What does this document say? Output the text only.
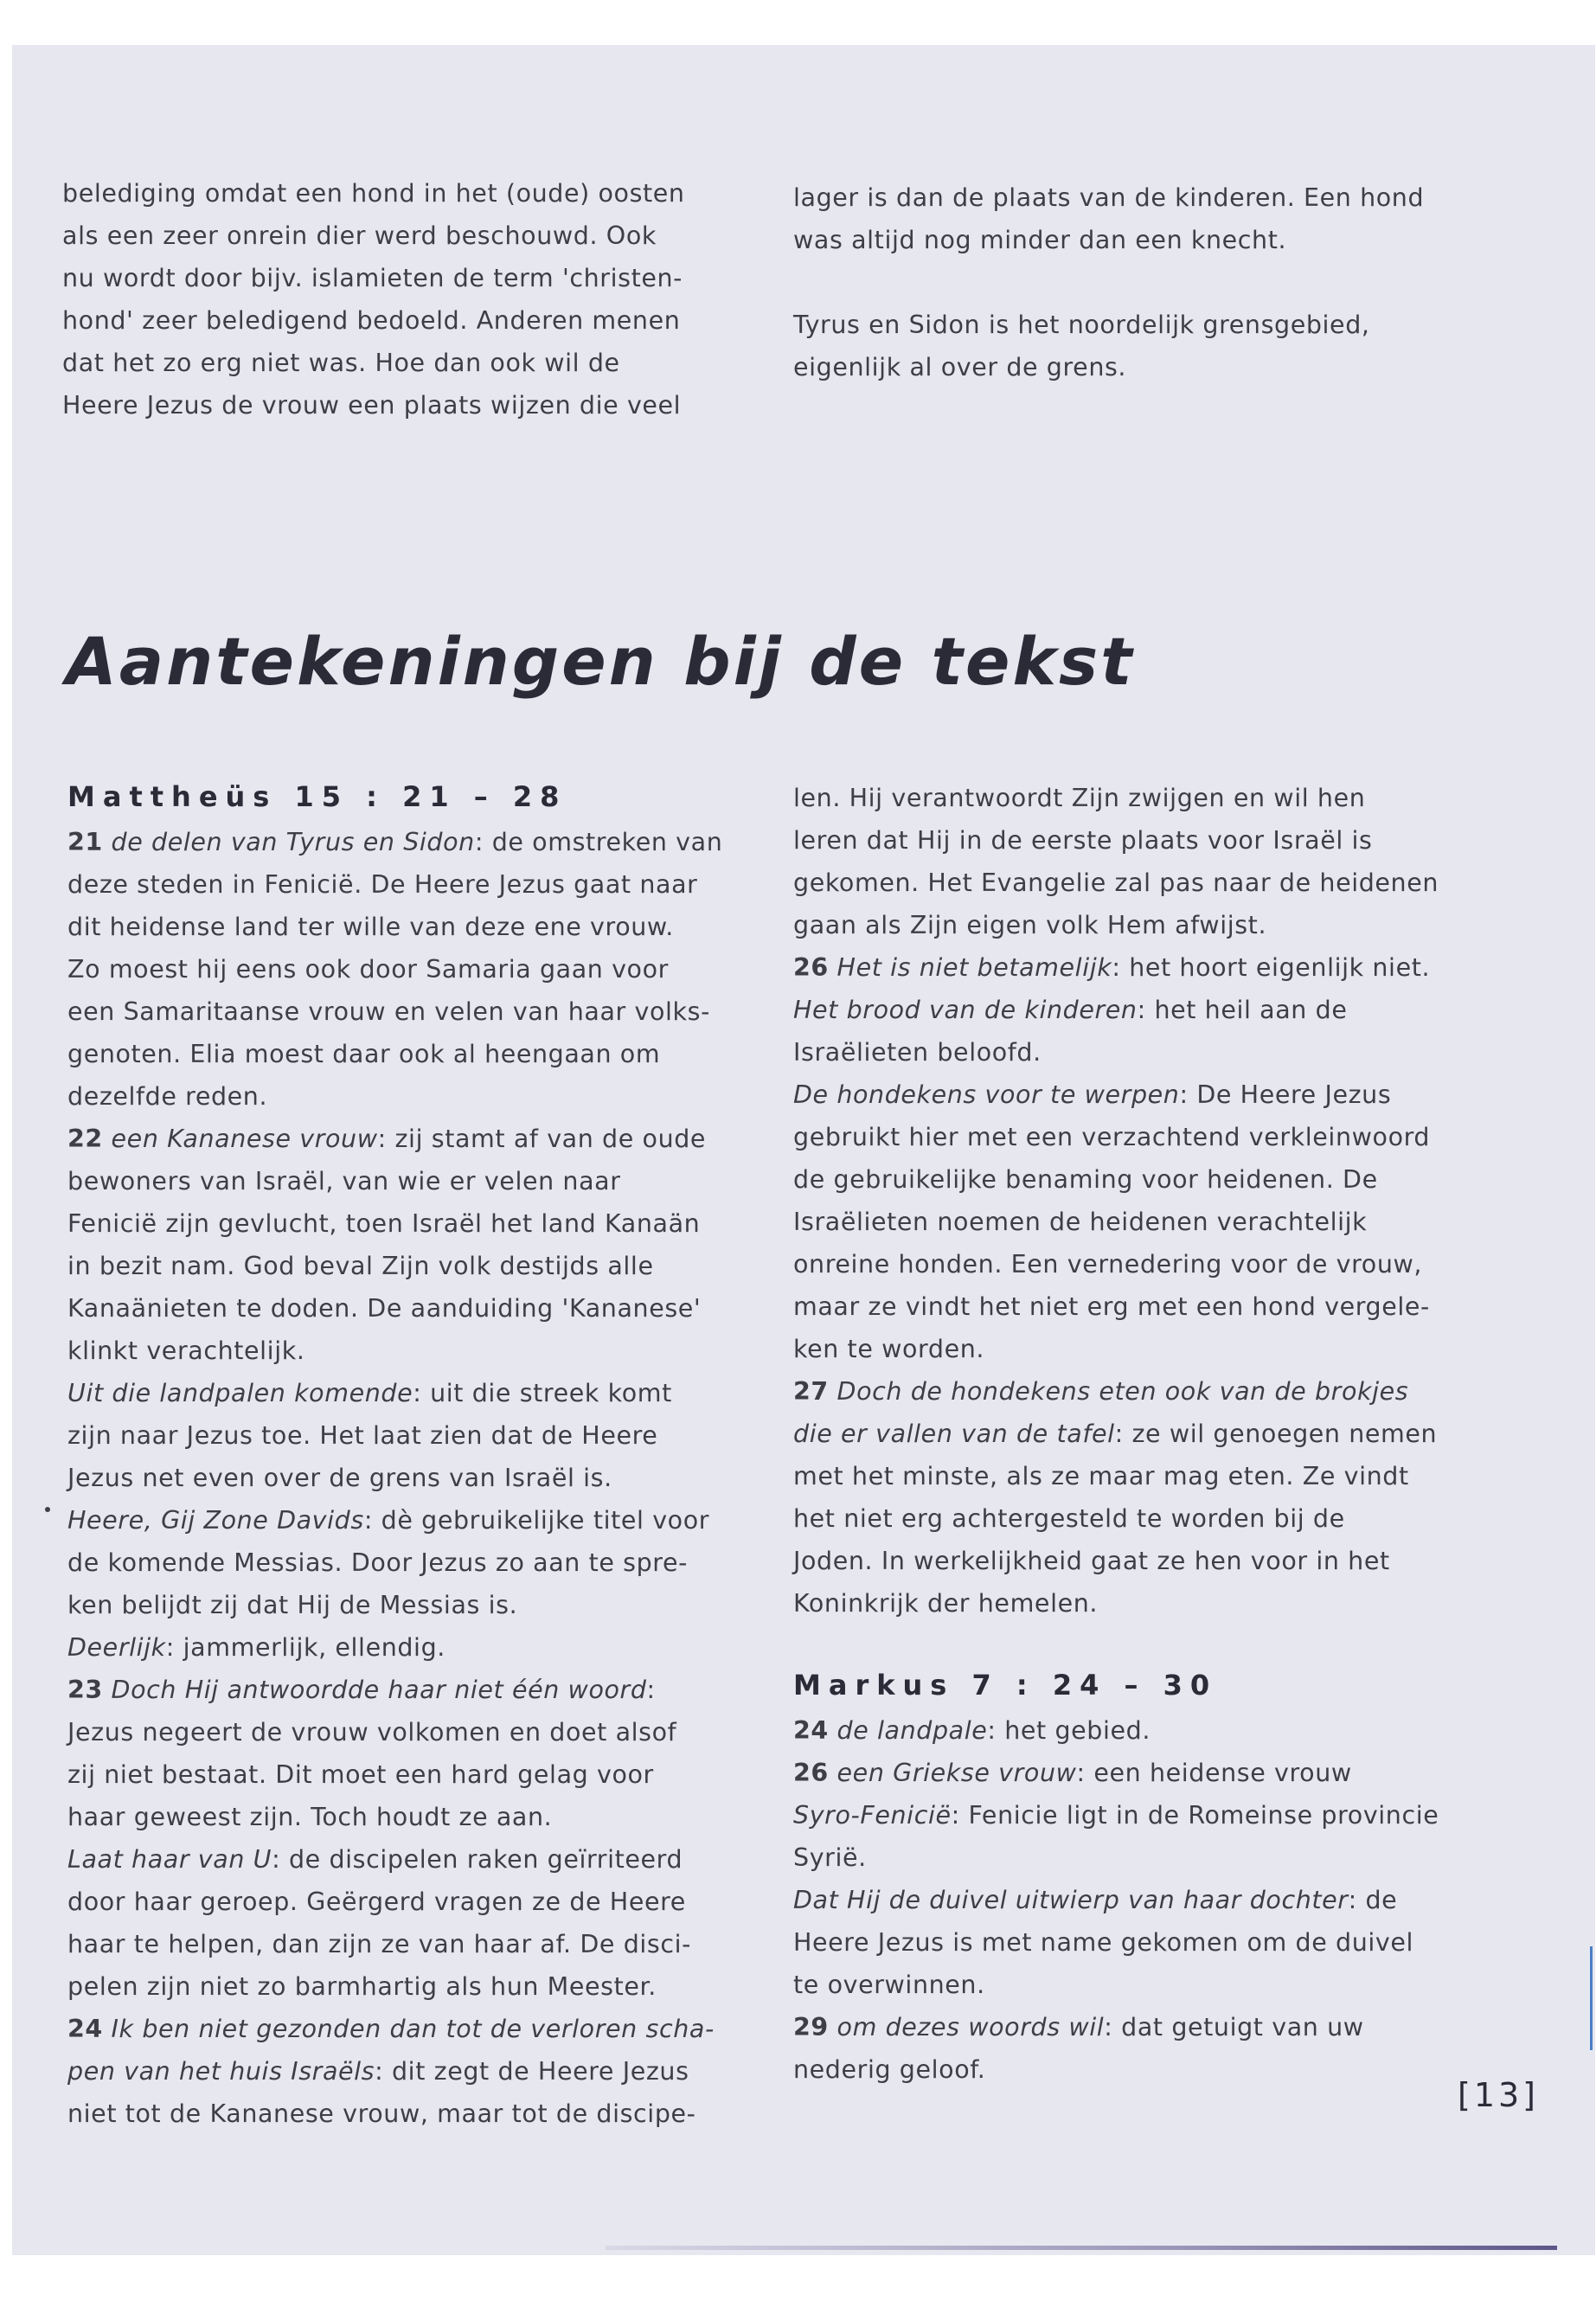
belediging omdat een hond in het (oude) oosten

als een zeer onrein dier werd beschouwd. Ook

nu wordt door bijv. islamieten de term 'christen-

hond' zeer beledigend bedoeld. Anderen menen

dat het zo erg niet was. Hoe dan ook wil de

Heere Jezus de vrouw een plaats wijzen die veel

lager is dan de plaats van de kinderen. Een hond

was altijd nog minder dan een knecht.

Tyrus en Sidon is het noordelijk grensgebied,

eigenlijk al over de grens.

Aantekeningen bij de tekst
Mattheüs 15 : 21 – 28

21 de delen van Tyrus en Sidon: de omstreken van

deze steden in Fenicië. De Heere Jezus gaat naar

dit heidense land ter wille van deze ene vrouw.

Zo moest hij eens ook door Samaria gaan voor

een Samaritaanse vrouw en velen van haar volks-

genoten. Elia moest daar ook al heengaan om

dezelfde reden.

22 een Kananese vrouw: zij stamt af van de oude

bewoners van Israël, van wie er velen naar

Fenicië zijn gevlucht, toen Israël het land Kanaän

in bezit nam. God beval Zijn volk destijds alle

Kanaänieten te doden. De aanduiding 'Kananese'

klinkt verachtelijk.

Uit die landpalen komende: uit die streek komt

zijn naar Jezus toe. Het laat zien dat de Heere

Jezus net even over de grens van Israël is.

Heere, Gij Zone Davids: dè gebruikelijke titel voor

de komende Messias. Door Jezus zo aan te spre-

ken belijdt zij dat Hij de Messias is.

Deerlijk: jammerlijk, ellendig.

23 Doch Hij antwoordde haar niet één woord:

Jezus negeert de vrouw volkomen en doet alsof

zij niet bestaat. Dit moet een hard gelag voor

haar geweest zijn. Toch houdt ze aan.

Laat haar van U: de discipelen raken geïrriteerd

door haar geroep. Geërgerd vragen ze de Heere

haar te helpen, dan zijn ze van haar af. De disci-

pelen zijn niet zo barmhartig als hun Meester.

24 Ik ben niet gezonden dan tot de verloren scha-

pen van het huis Israëls: dit zegt de Heere Jezus

niet tot de Kananese vrouw, maar tot de discipe-

len. Hij verantwoordt Zijn zwijgen en wil hen

leren dat Hij in de eerste plaats voor Israël is

gekomen. Het Evangelie zal pas naar de heidenen

gaan als Zijn eigen volk Hem afwijst.

26 Het is niet betamelijk: het hoort eigenlijk niet.

Het brood van de kinderen: het heil aan de

Israëlieten beloofd.

De hondekens voor te werpen: De Heere Jezus

gebruikt hier met een verzachtend verkleinwoord

de gebruikelijke benaming voor heidenen. De

Israëlieten noemen de heidenen verachtelijk

onreine honden. Een vernedering voor de vrouw,

maar ze vindt het niet erg met een hond vergele-

ken te worden.

27 Doch de hondekens eten ook van de brokjes

die er vallen van de tafel: ze wil genoegen nemen

met het minste, als ze maar mag eten. Ze vindt

het niet erg achtergesteld te worden bij de

Joden. In werkelijkheid gaat ze hen voor in het

Koninkrijk der hemelen.

Markus 7 : 24 – 30

24 de landpale: het gebied.

26 een Griekse vrouw: een heidense vrouw

Syro-Fenicië: Fenicie ligt in de Romeinse provincie

Syrië.

Dat Hij de duivel uitwierp van haar dochter: de

Heere Jezus is met name gekomen om de duivel

te overwinnen.

29 om dezes woords wil: dat getuigt van uw

nederig geloof.

[13]
